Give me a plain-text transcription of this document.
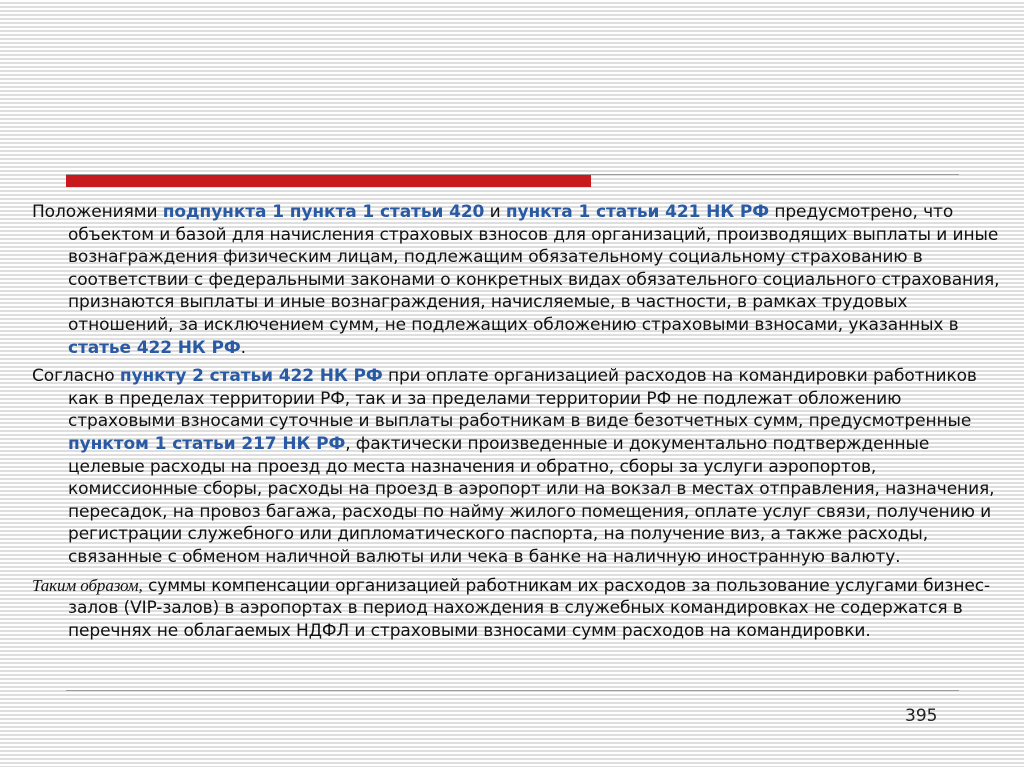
Положениями подпункта 1 пункта 1 статьи 420 и пункта 1 статьи 421 НК РФ предусмотрено, что объектом и базой для начисления страховых взносов для организаций, производящих выплаты и иные вознаграждения физическим лицам, подлежащим обязательному социальному страхованию в соответствии с федеральными законами о конкретных видах обязательного социального страхования, признаются выплаты и иные вознаграждения, начисляемые, в частности, в рамках трудовых отношений, за исключением сумм, не подлежащих обложению страховыми взносами, указанных в статье 422 НК РФ.

Согласно пункту 2 статьи 422 НК РФ при оплате организацией расходов на командировки работников как в пределах территории РФ, так и за пределами территории РФ не подлежат обложению страховыми взносами суточные и выплаты работникам в виде безотчетных сумм, предусмотренные пунктом 1 статьи 217 НК РФ, фактически произведенные и документально подтвержденные целевые расходы на проезд до места назначения и обратно, сборы за услуги аэропортов, комиссионные сборы, расходы на проезд в аэропорт или на вокзал в местах отправления, назначения, пересадок, на провоз багажа, расходы по найму жилого помещения, оплате услуг связи, получению и регистрации служебного или дипломатического паспорта, на получение виз, а также расходы, связанные с обменом наличной валюты или чека в банке на наличную иностранную валюту.

Таким образом, суммы компенсации организацией работникам их расходов за пользование услугами бизнес-залов (VIP-залов) в аэропортах в период нахождения в служебных командировках не содержатся в перечнях не облагаемых НДФЛ и страховыми взносами сумм расходов на командировки.

395
